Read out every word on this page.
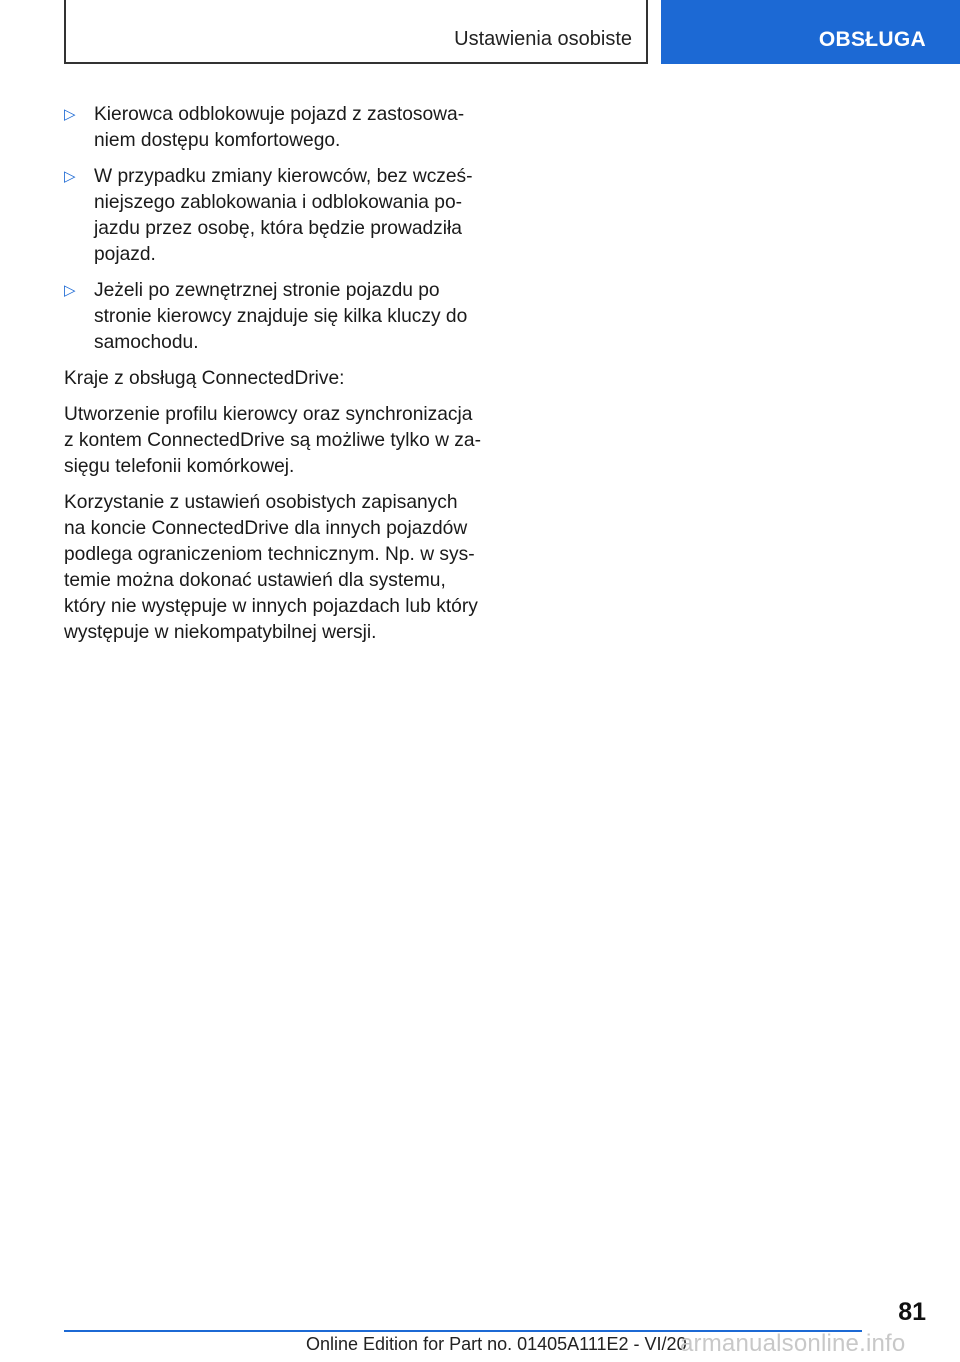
Ustawienia osobiste	OBSŁUGA
▷ Kierowca odblokowuje pojazd z zastosowaniem dostępu komfortowego.
▷ W przypadku zmiany kierowców, bez wcześniejszego zablokowania i odblokowania pojazdu przez osobę, która będzie prowadziła pojazd.
▷ Jeżeli po zewnętrznej stronie pojazdu po stronie kierowcy znajduje się kilka kluczy do samochodu.

Kraje z obsługą ConnectedDrive:

Utworzenie profilu kierowcy oraz synchronizacja z kontem ConnectedDrive są możliwe tylko w zasięgu telefonii komórkowej.

Korzystanie z ustawień osobistych zapisanych na koncie ConnectedDrive dla innych pojazdów podlega ograniczeniom technicznym. Np. w systemie można dokonać ustawień dla systemu, który nie występuje w innych pojazdach lub który występuje w niekompatybilnej wersji.

81
Online Edition for Part no. 01405A111E2 - VI/20
armanualsonline.info
